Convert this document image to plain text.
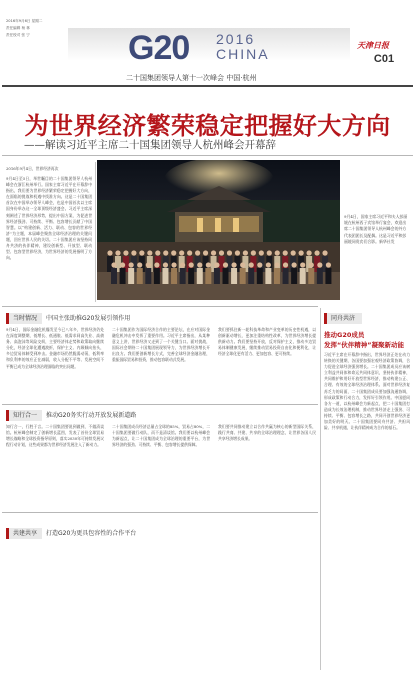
2016年9月6日 星期二
责任编辑 杨 林
责任校对 张 宁	G20 2016
CHINA
二十国集团领导人第十一次峰会 中国·杭州
天津日报
C01
为世界经济繁荣稳定把握好大方向
——解读习近平主席二十国集团领导人杭州峰会开幕辞
2016年9月4日，世界经济再次
9月4日至5日，举世瞩目的二十国集团领导人杭州峰会在浙江杭州举行。国家主席习近平在开幕辞中指出，我们要为世界经济繁荣稳定把握好大方向，在面临的挑战和机遇中找准方向。这是二十国集团首次在中国举办领导人峰会，也是中国首次以主席国身份举办这一全球顶级经济盛会。习近平主席深刻阐述了世界经济形势，提出中国方案，为促进世界经济强劲、可持续、平衡、包容增长贡献了中国智慧。以“构建创新、活力、联动、包容的世界经济”为主题，本届峰会聚焦全球经济治理的关键问题，回应世界人民的关切。二十国集团应该坚持同舟共济的伙伴精神，建设创新型、开放型、联动型、包容型世界经济，为世界经济的发展指明了方向。
9月4日，国家主席习近平和夫人彭丽媛在杭州西子宾馆举行宴会，欢迎出席二十国集团领导人杭州峰会的外方代表团团长及配偶。这是习近平和彭丽媛同贵宾们合影。新华社发
当时情况	中国主张助推G20发展引领作用
9月4日，国际金融危机爆发至今已八年多，世界经济仍处在深度调整期，低增长、低通胀、低需求同高失业、高债务、高泡沫等风险交织，主要经济体走势和政策取向继续分化，经济全球化遭遇波折，保护主义、内顾倾向抬头，多边贸易体制受到冲击。金融市场仍然脆弱动荡，低利率和负利率的效应正在减弱，收入分配不平等、发展空间不平衡已成为全球经济治理面临的突出问题。
二十国集团作为国际经济合作的主要论坛，在应对国际金融危机冲击中发挥了重要作用。习近平主席指出，从某种意义上讲，世界经济又走到了一个关键当口。面对挑战，国际社会期待二十国集团展现领导力，为世界经济增长开出良方。我们要创新增长方式，完善全球经济金融治理，重振国际贸易和投资，推动包容联动式发展。
我们要抓住新一轮科技革命和产业变革的历史性机遇，以创新驱动增长，更加注重结构性改革，为世界经济增长提供新动力。我们要坚持开放，反对保护主义，推动多边贸易体制健康发展，继续推动贸易投资自由化和便利化，让经济全球化更有活力、更加包容、更可持续。
知行合一	推动G20务实行动开放发展新道路
知行合一，行胜于言。二十国集团要说到做到，不做清谈馆。杭州峰会制定了创新增长蓝图，发表了首份全球贸易增长战略和全球投资指导原则，落实2030年可持续发展议程行动计划，这些成果都为世界经济发展注入了新动力。
二十国集团成员经济总量占全球的85%，贸易占80%，二十国集团要做行动队，而不是清谈馆。我们要以杭州峰会为新起点，让二十国集团成为全球治理的重要平台，为世界经济的强劲、可持续、平衡、包容增长提供保障。
我们要共同推动建立以合作共赢为核心的新型国际关系，践行共商、共建、共享的全球治理理念，让世界各国人民共享经济增长成果。
共建共享	打造G20为更具包容性的合作平台
同舟共济
推动G20成员
发挥“伙伴精神”凝聚新动能
习近平主席在开幕辞中指出，世界经济正处在动力转换的关键期，各国要加强宏观经济政策协调，合力促进全球经济强劲增长。二十国集团成员应该树立利益共同体和命运共同体意识，坚持伙伴精神，共同维护和用好开放型世界经济，推动构建公正、合理、有效的全球经济治理体系。面对世界经济复苏乏力的局面，二十国集团成员要加强沟通协调，形成政策和行动合力，发挥好引领作用。中国愿同各方一道，以杭州峰会为新起点，把二十国集团打造成为长效治理机制，推动世界经济走上强劲、可持续、平衡、包容增长之路，共同开创世界经济更加美好的明天。二十国集团要同舟共济、共担风险、共享机遇，让伙伴精神成为合作的基石。
